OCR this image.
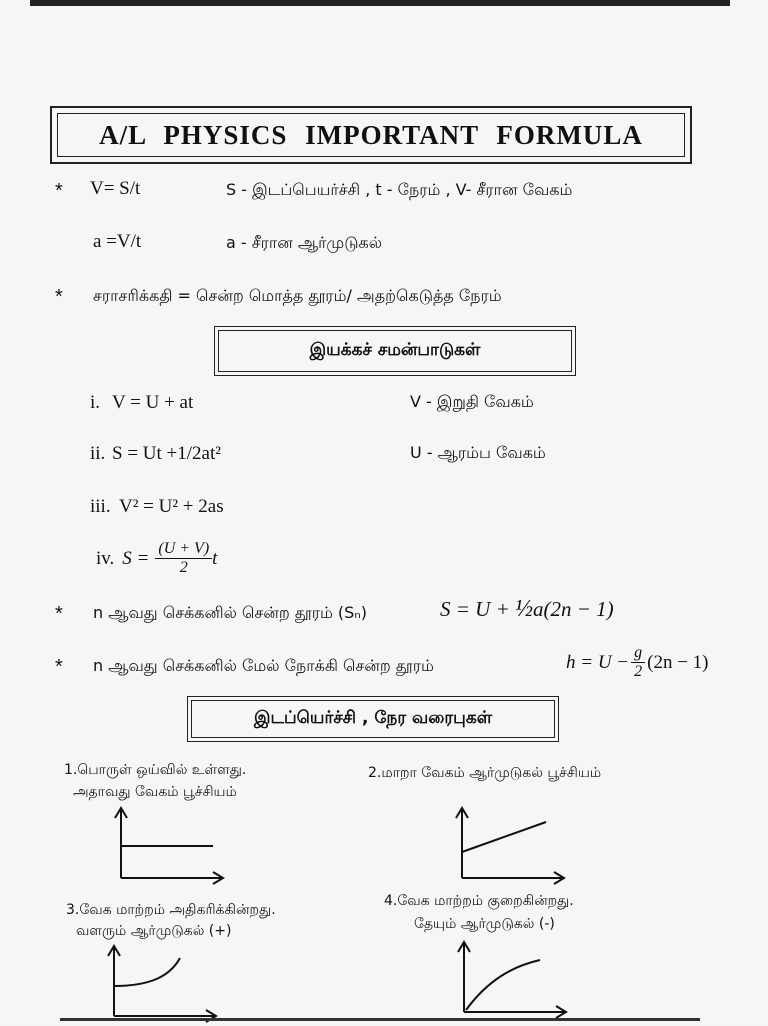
A/L PHYSICS IMPORTANT FORMULA
* V= S/t	S - இடப்பெயர்ச்சி , t - நேரம் , V- சீரான வேகம்
a =V/t	a - சீரான ஆர்முடுகல்
* சராசரிக்கதி = சென்ற மொத்த தூரம்/ அதற்கெடுத்த நேரம்
இயக்கச் சமன்பாடுகள்
i. V = U + at	V - இறுதி வேகம்
ii. S = Ut +1/2at²	U - ஆரம்ப வேகம்
iii. V² = U² + 2as
iv. $S = \frac{(U + V)}{2}$ t
* n ஆவது செக்கனில் சென்ற தூரம் (Sₙ)	S = U + ½a(2n − 1)
* n ஆவது செக்கனில் மேல் நோக்கி சென்ற தூரம்	$h = U - \frac{g}{2} (2n - 1)$
இடப்யெர்ச்சி , நேர வரைபுகள்
1.பொருள் ஒய்வில் உள்ளது.
அதாவது வேகம் பூச்சியம்
2.மாறா வேகம் ஆர்முடுகல் பூச்சியம்
3.வேக மாற்றம் அதிகரிக்கின்றது.
வளரும் ஆர்முடுகல் (+)
4.வேக மாற்றம் குறைகின்றது.
தேயும் ஆர்முடுகல் (-)
